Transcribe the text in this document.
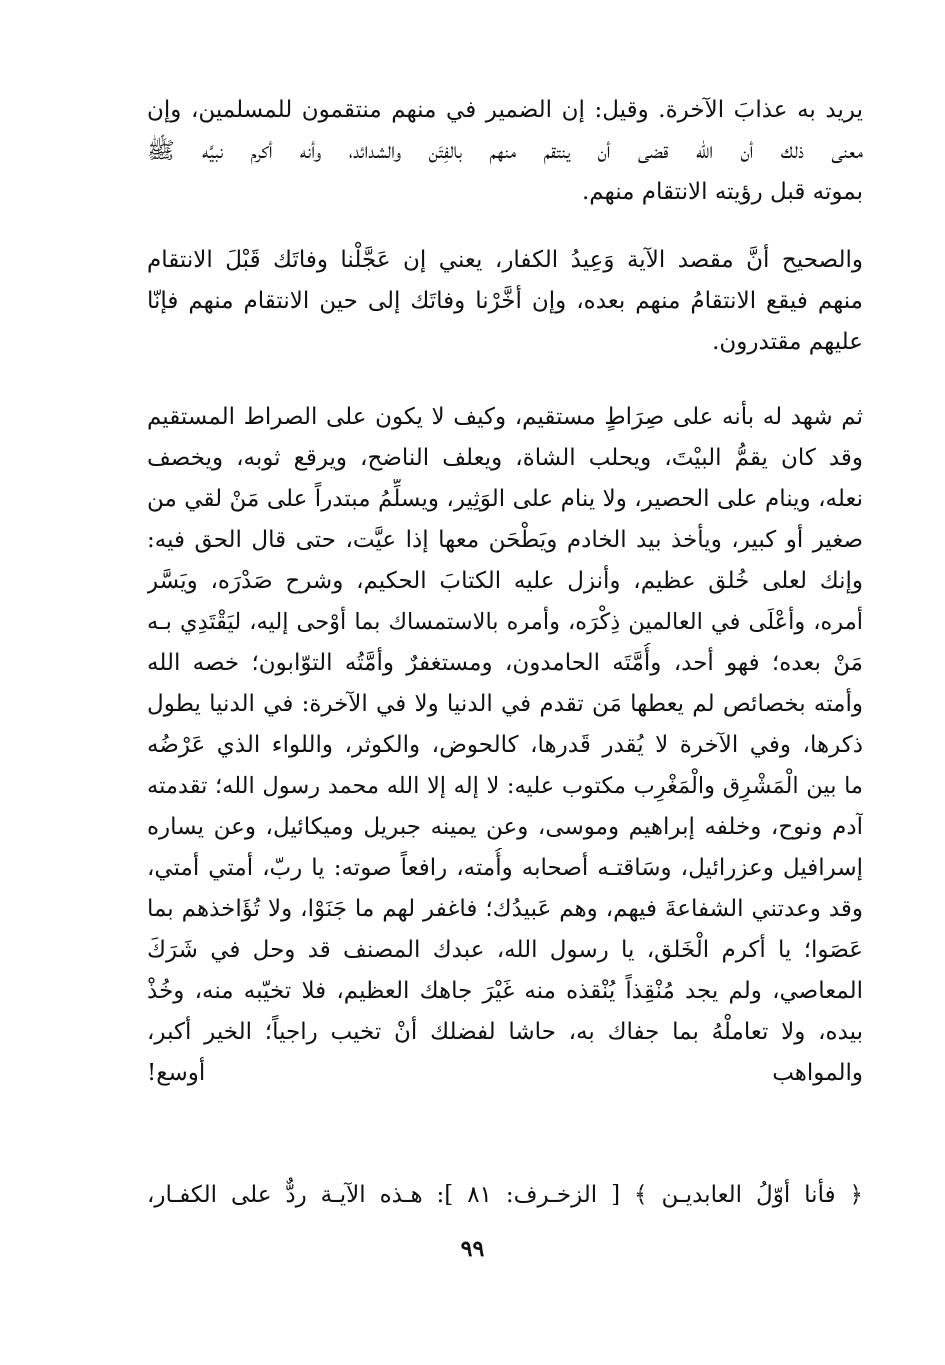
يريد به عذابَ الآخرة. وقيل: إن الضمير في منهم منتقمون للمسلمين، وإن
معنى ذلك أن الله قضى أن ينتقم منهم بالفِتَن والشدائد، وأنه أكرم نبيَّه ﷺ
بموته قبل رؤيته الانتقام منهم.
والصحيح أنَّ مقصد الآية وَعِيدُ الكفار، يعني إن عَجَّلْنا وفاتَك قَبْلَ الانتقام
منهم فيقع الانتقامُ منهم بعده، وإن أخَّرْنا وفاتَك إلى حين الانتقام منهم فإنّا
عليهم مقتدرون.
ثم شهد له بأنه على صِرَاطٍ مستقيم، وكيف لا يكون على الصراط المستقيم
وقد كان يقمُّ البيْتَ، ويحلب الشاة، ويعلف الناضح، ويرقع ثوبه، ويخصف
نعله، وينام على الحصير، ولا ينام على الوَثِير، ويسلِّمُ مبتدراً على مَنْ لقي من
صغير أو كبير، ويأخذ بيد الخادم ويَطْحَن معها إذا عيَّت، حتى قال الحق فيه:
وإنك لعلى خُلق عظيم، وأنزل عليه الكتابَ الحكيم، وشرح صَدْرَه، ويَسَّر
أمره، وأعْلَى في العالمين ذِكْرَه، وأمره بالاستمساك بما أوْحى إليه، ليَقْتَدِي بـه
مَنْ بعده؛ فهو أحد، وأُمَّتَه الحامدون، ومستغفرٌ وأمَّتُه التوّابون؛ خصه الله
وأمته بخصائص لم يعطها مَن تقدم في الدنيا ولا في الآخرة: في الدنيا يطول
ذكرها، وفي الآخرة لا يُقدر قَدرها، كالحوض، والكوثر، واللواء الذي عَرْضُه
ما بين الْمَشْرِق والْمَغْرِب مكتوب عليه: لا إله إلا الله محمد رسول الله؛ تقدمته
آدم ونوح، وخلفه إبراهيم وموسى، وعن يمينه جبريل وميكائيل، وعن يساره
إسرافيل وعزرائيل، وسَاقتـه أصحابه وأُمته، رافعاً صوته: يا ربّ، أمتي أمتي،
وقد وعدتني الشفاعةَ فيهم، وهم عَبيدُك؛ فاغفر لهم ما جَنَوْا، ولا تُؤَاخذهم بما
عَصَوا؛ يا أكرم الْخَلق، يا رسول الله، عبدك المصنف قد وحل في شَرَكَ
المعاصي، ولم يجد مُنْقِذاً يُنْقذه منه غَيْرَ جاهك العظيم، فلا تخيّبه منه، وخُذْ
بيده، ولا تعاملْهُ بما جفاك به، حاشا لفضلك أنْ تخيب راجياً؛ الخير أكبر،
والمواهب أوسع!
﴿ فأنا أوّلُ العابديـن ﴾ [ الزخـرف: ٨١ ]: هـذه الآيـة ردٌّ على الكفـار،
٩٩
